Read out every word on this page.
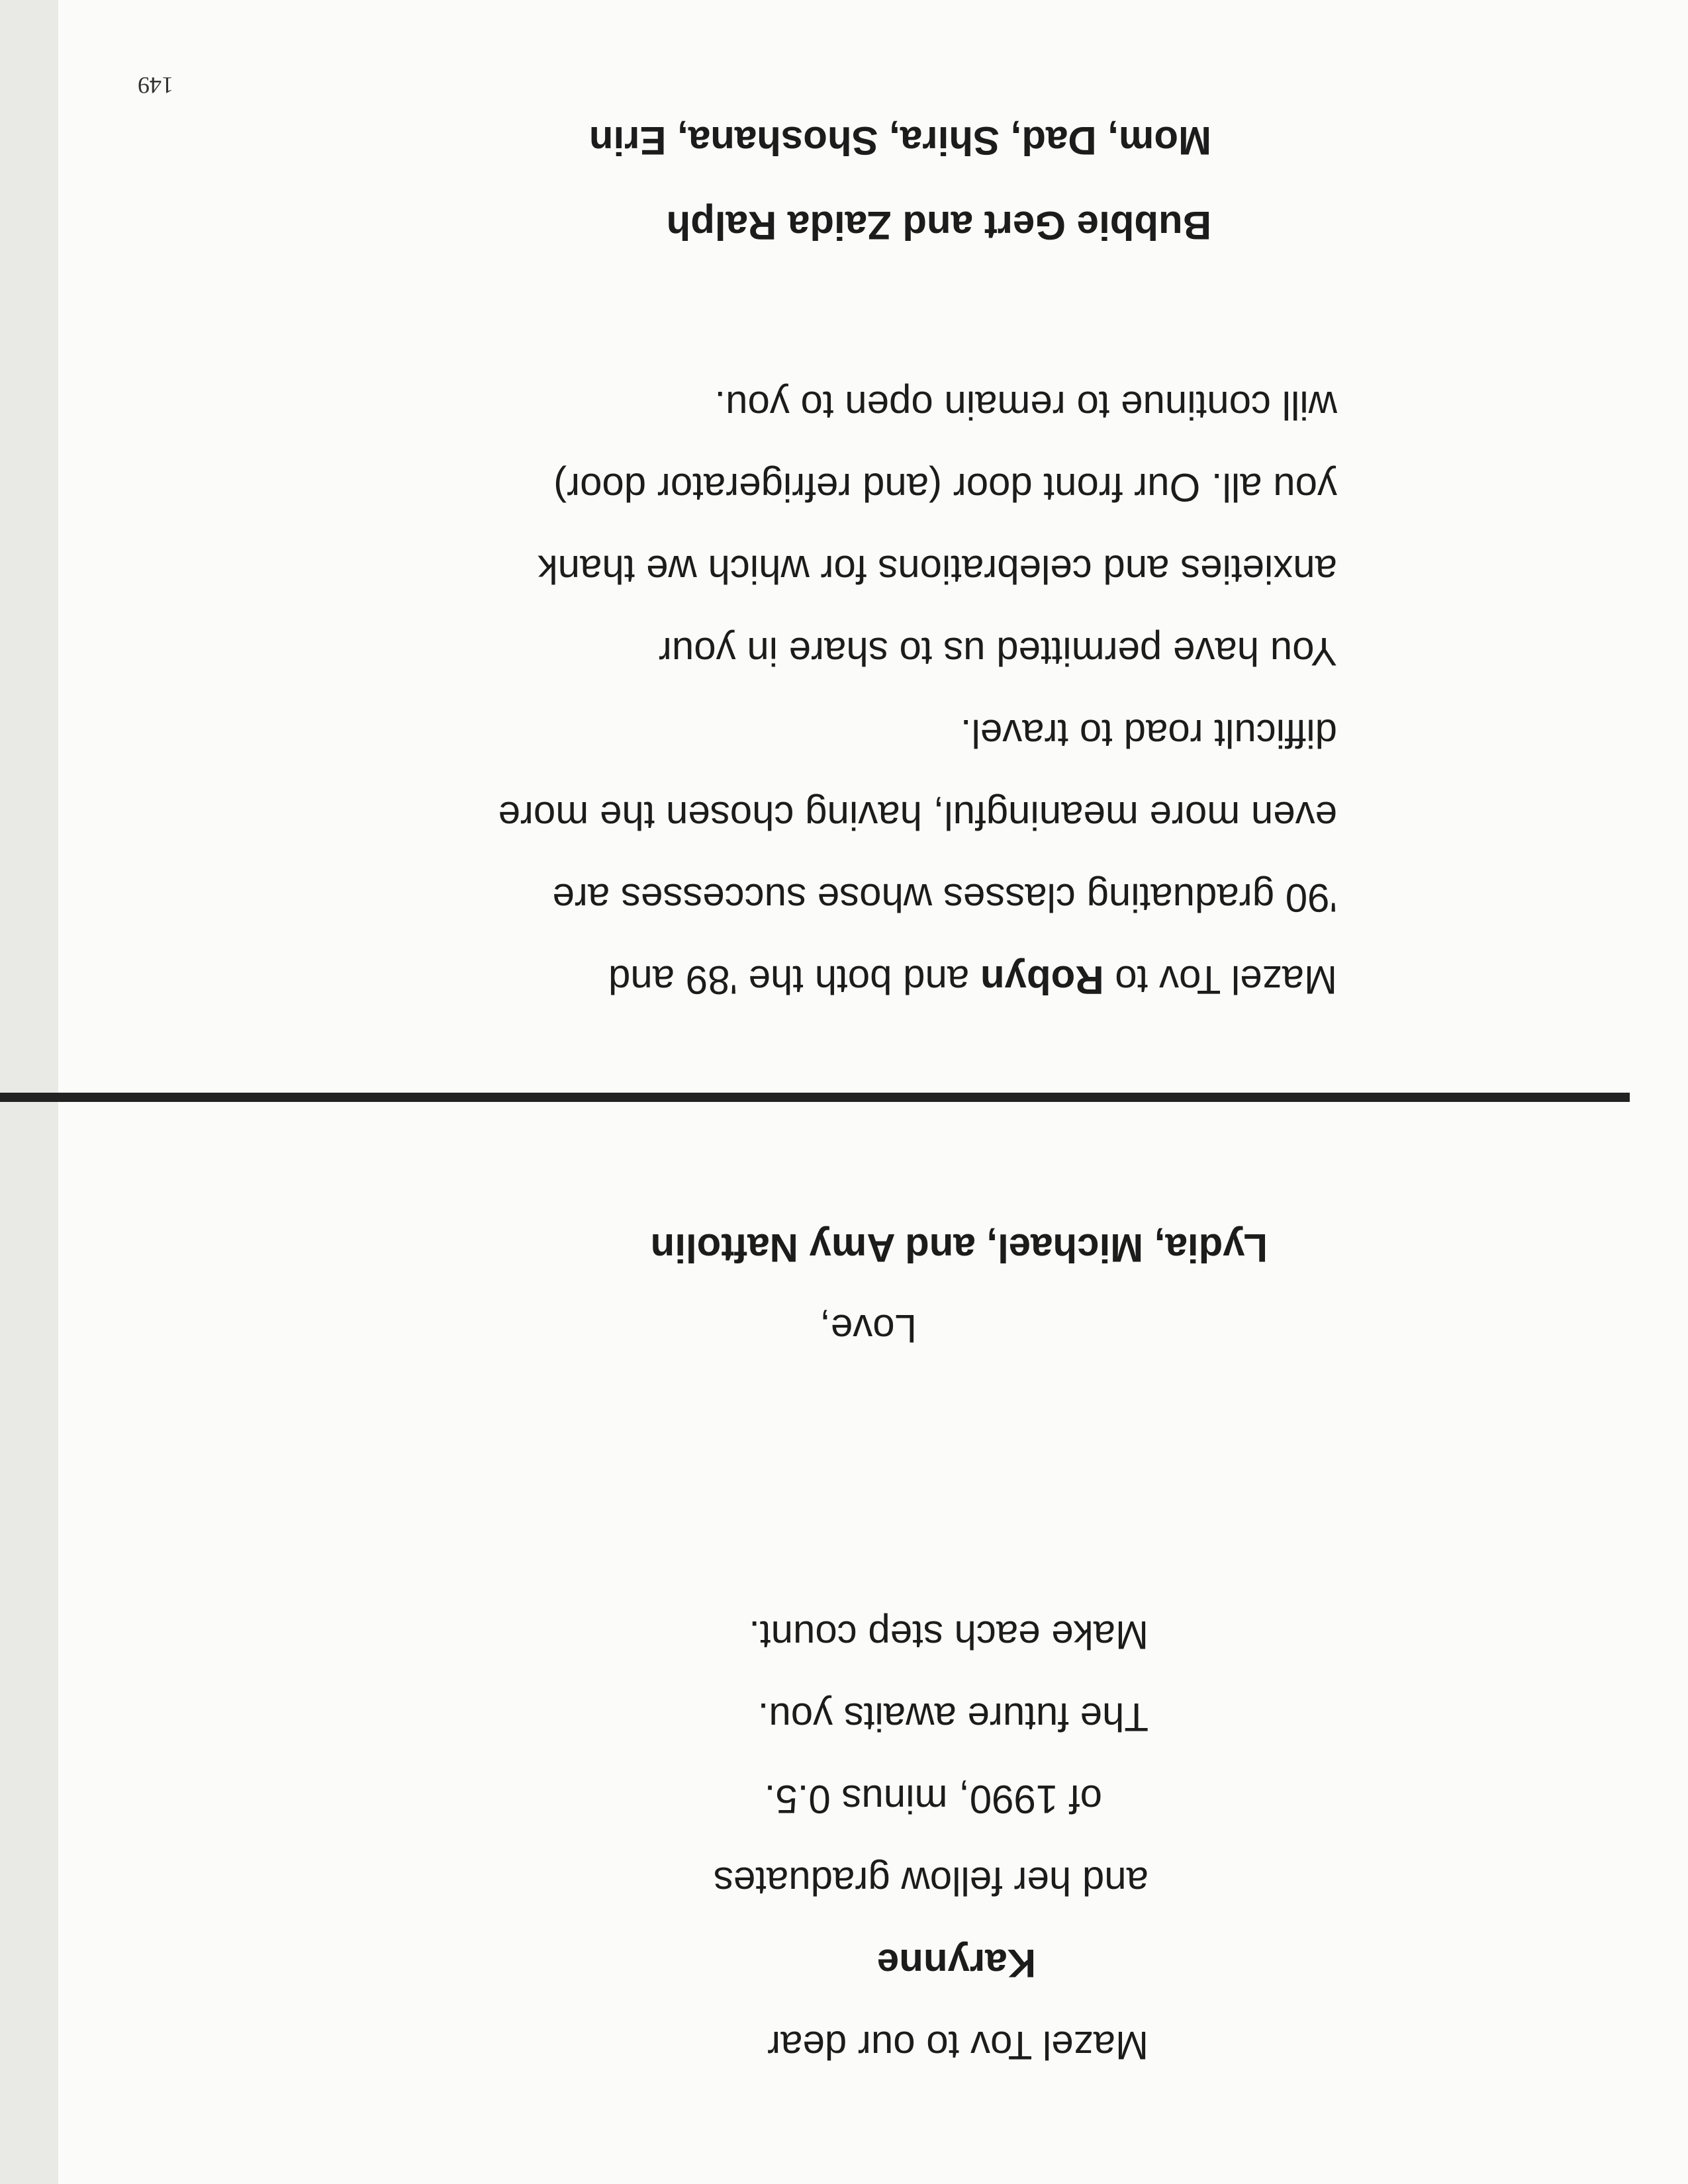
149
Mazel Tov to our dear
Karynne
and her fellow graduates
of 1990, minus 0.5.
The future awaits you.
Make each step count.
Love,
Lydia, Michael, and Amy Naftolin
Mazel Tov to Robyn and both the '89 and
'90 graduating classes whose successes are
even more meaningful, having chosen the more
difficult road to travel.
You have permitted us to share in your
anxieties and celebrations for which we thank
you all. Our front door (and refrigerator door)
will continue to remain open to you.
Bubbie Gert and Zaida Ralph
Mom, Dad, Shira, Shoshana, Erin
